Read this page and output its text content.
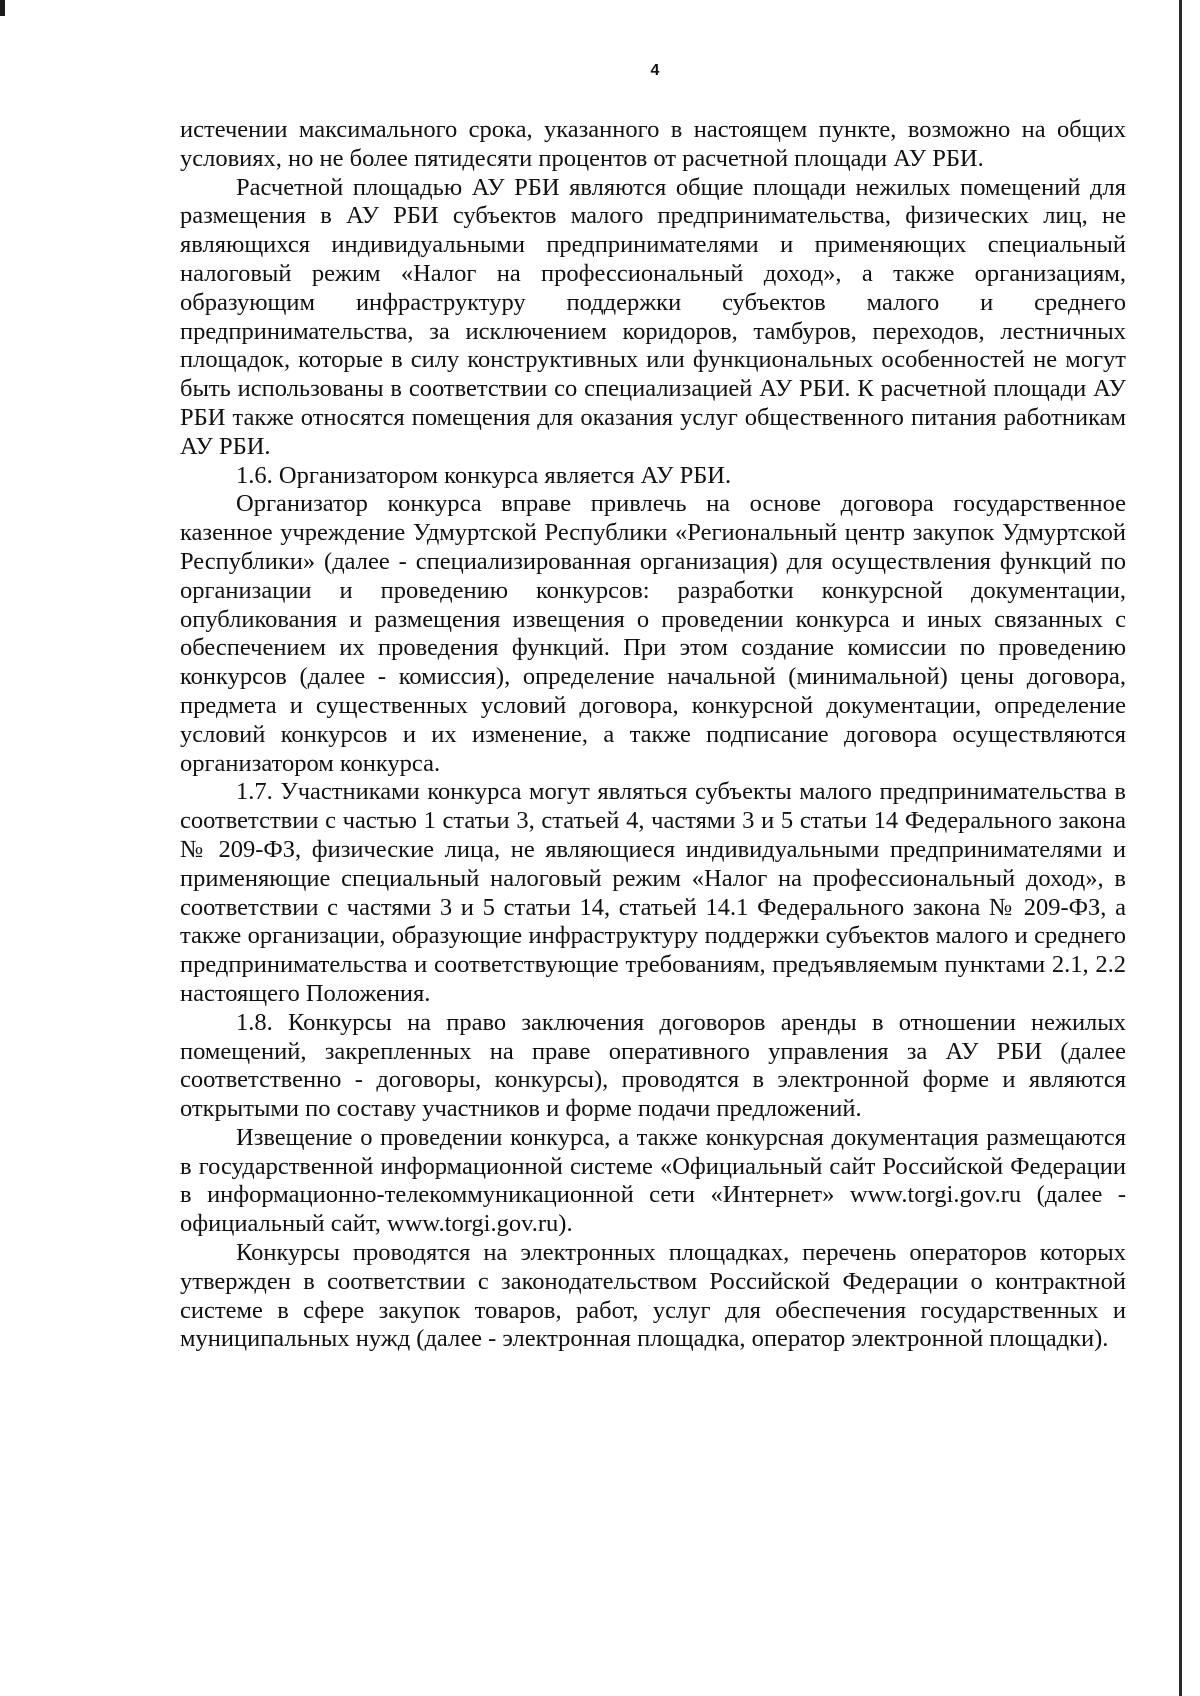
4

истечении максимального срока, указанного в настоящем пункте, возможно на общих условиях, но не более пятидесяти процентов от расчетной площади АУ РБИ.

Расчетной площадью АУ РБИ являются общие площади нежилых помещений для размещения в АУ РБИ субъектов малого предпринимательства, физических лиц, не являющихся индивидуальными предпринимателями и применяющих специальный налоговый режим «Налог на профессиональный доход», а также организациям, образующим инфраструктуру поддержки субъектов малого и среднего предпринимательства, за исключением коридоров, тамбуров, переходов, лестничных площадок, которые в силу конструктивных или функциональных особенностей не могут быть использованы в соответствии со специализацией АУ РБИ. К расчетной площади АУ РБИ также относятся помещения для оказания услуг общественного питания работникам АУ РБИ.

1.6. Организатором конкурса является АУ РБИ.

Организатор конкурса вправе привлечь на основе договора государственное казенное учреждение Удмуртской Республики «Региональный центр закупок Удмуртской Республики» (далее - специализированная организация) для осуществления функций по организации и проведению конкурсов: разработки конкурсной документации, опубликования и размещения извещения о проведении конкурса и иных связанных с обеспечением их проведения функций. При этом создание комиссии по проведению конкурсов (далее - комиссия), определение начальной (минимальной) цены договора, предмета и существенных условий договора, конкурсной документации, определение условий конкурсов и их изменение, а также подписание договора осуществляются организатором конкурса.

1.7. Участниками конкурса могут являться субъекты малого предпринимательства в соответствии с частью 1 статьи 3, статьей 4, частями 3 и 5 статьи 14 Федерального закона № 209-ФЗ, физические лица, не являющиеся индивидуальными предпринимателями и применяющие специальный налоговый режим «Налог на профессиональный доход», в соответствии с частями 3 и 5 статьи 14, статьей 14.1 Федерального закона № 209-ФЗ, а также организации, образующие инфраструктуру поддержки субъектов малого и среднего предпринимательства и соответствующие требованиям, предъявляемым пунктами 2.1, 2.2 настоящего Положения.

1.8. Конкурсы на право заключения договоров аренды в отношении нежилых помещений, закрепленных на праве оперативного управления за АУ РБИ (далее соответственно - договоры, конкурсы), проводятся в электронной форме и являются открытыми по составу участников и форме подачи предложений.

Извещение о проведении конкурса, а также конкурсная документация размещаются в государственной информационной системе «Официальный сайт Российской Федерации в информационно-телекоммуникационной сети «Интернет» www.torgi.gov.ru (далее - официальный сайт, www.torgi.gov.ru).

Конкурсы проводятся на электронных площадках, перечень операторов которых утвержден в соответствии с законодательством Российской Федерации о контрактной системе в сфере закупок товаров, работ, услуг для обеспечения государственных и муниципальных нужд (далее - электронная площадка, оператор электронной площадки).
